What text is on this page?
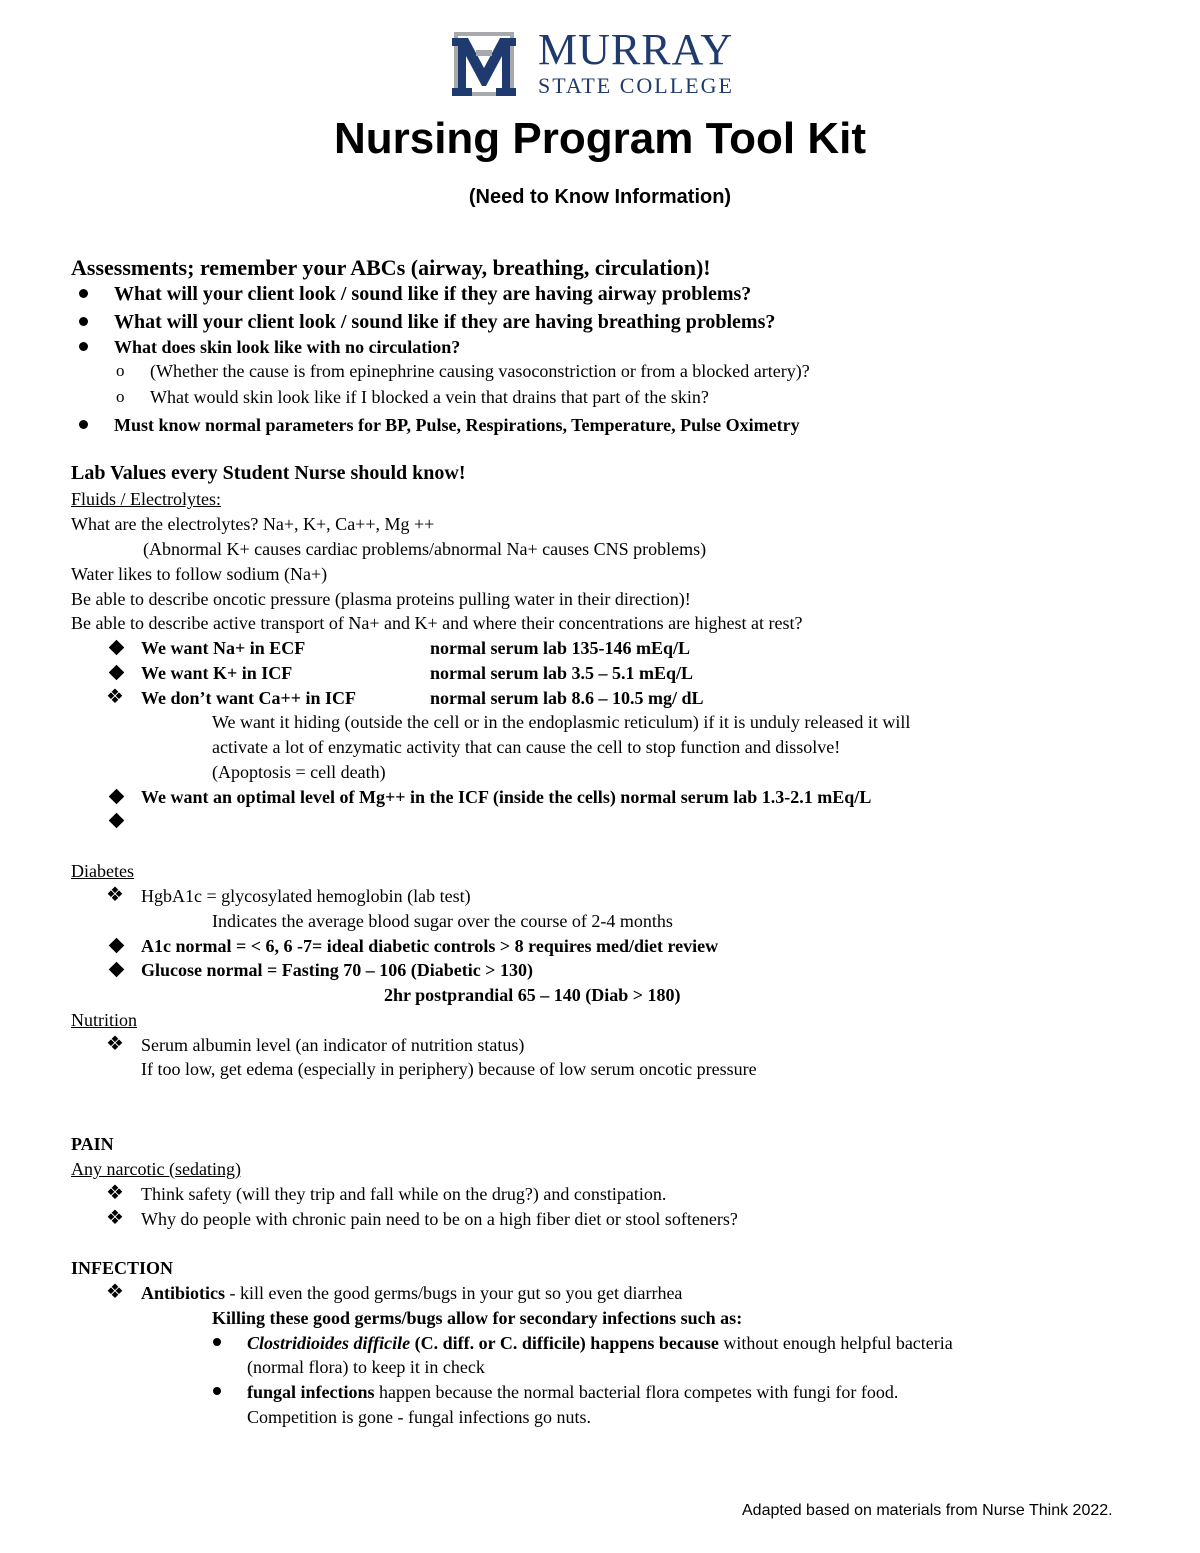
MURRAY
STATE COLLEGE
Nursing Program Tool Kit
(Need to Know Information)
Assessments; remember your ABCs (airway, breathing, circulation)!
What will your client look / sound like if they are having airway problems?
What will your client look / sound like if they are having breathing problems?
What does skin look like with no circulation?
o (Whether the cause is from epinephrine causing vasoconstriction or from a blocked artery)?
o What would skin look like if I blocked a vein that drains that part of the skin?
Must know normal parameters for BP, Pulse, Respirations, Temperature, Pulse Oximetry
Lab Values every Student Nurse should know!
Fluids / Electrolytes:
What are the electrolytes? Na+, K+, Ca++, Mg ++
(Abnormal K+ causes cardiac problems/abnormal Na+ causes CNS problems)
Water likes to follow sodium (Na+)
Be able to describe oncotic pressure (plasma proteins pulling water in their direction)!
Be able to describe active transport of Na+ and K+ and where their concentrations are highest at rest?
We want Na+ in ECF	normal serum lab 135-146 mEq/L
We want K+ in ICF	normal serum lab 3.5 – 5.1 mEq/L
❖ We don’t want Ca++ in ICF	normal serum lab 8.6 – 10.5 mg/ dL
We want it hiding (outside the cell or in the endoplasmic reticulum) if it is unduly released it will
activate a lot of enzymatic activity that can cause the cell to stop function and dissolve!
(Apoptosis = cell death)
We want an optimal level of Mg++ in the ICF (inside the cells) normal serum lab 1.3-2.1 mEq/L
Diabetes
❖ HgbA1c = glycosylated hemoglobin (lab test)
Indicates the average blood sugar over the course of 2-4 months
A1c normal = < 6, 6 -7= ideal diabetic controls > 8 requires med/diet review
Glucose normal = Fasting 70 – 106 (Diabetic > 130)
2hr postprandial 65 – 140 (Diab > 180)
Nutrition
❖ Serum albumin level (an indicator of nutrition status)
If too low, get edema (especially in periphery) because of low serum oncotic pressure
PAIN
Any narcotic (sedating)
❖ Think safety (will they trip and fall while on the drug?) and constipation.
❖ Why do people with chronic pain need to be on a high fiber diet or stool softeners?
INFECTION
❖ Antibiotics - kill even the good germs/bugs in your gut so you get diarrhea
Killing these good germs/bugs allow for secondary infections such as:
Clostridioides difficile (C. diff. or C. difficile) happens because without enough helpful bacteria
(normal flora) to keep it in check
fungal infections happen because the normal bacterial flora competes with fungi for food.
Competition is gone - fungal infections go nuts.
Adapted based on materials from Nurse Think 2022.
